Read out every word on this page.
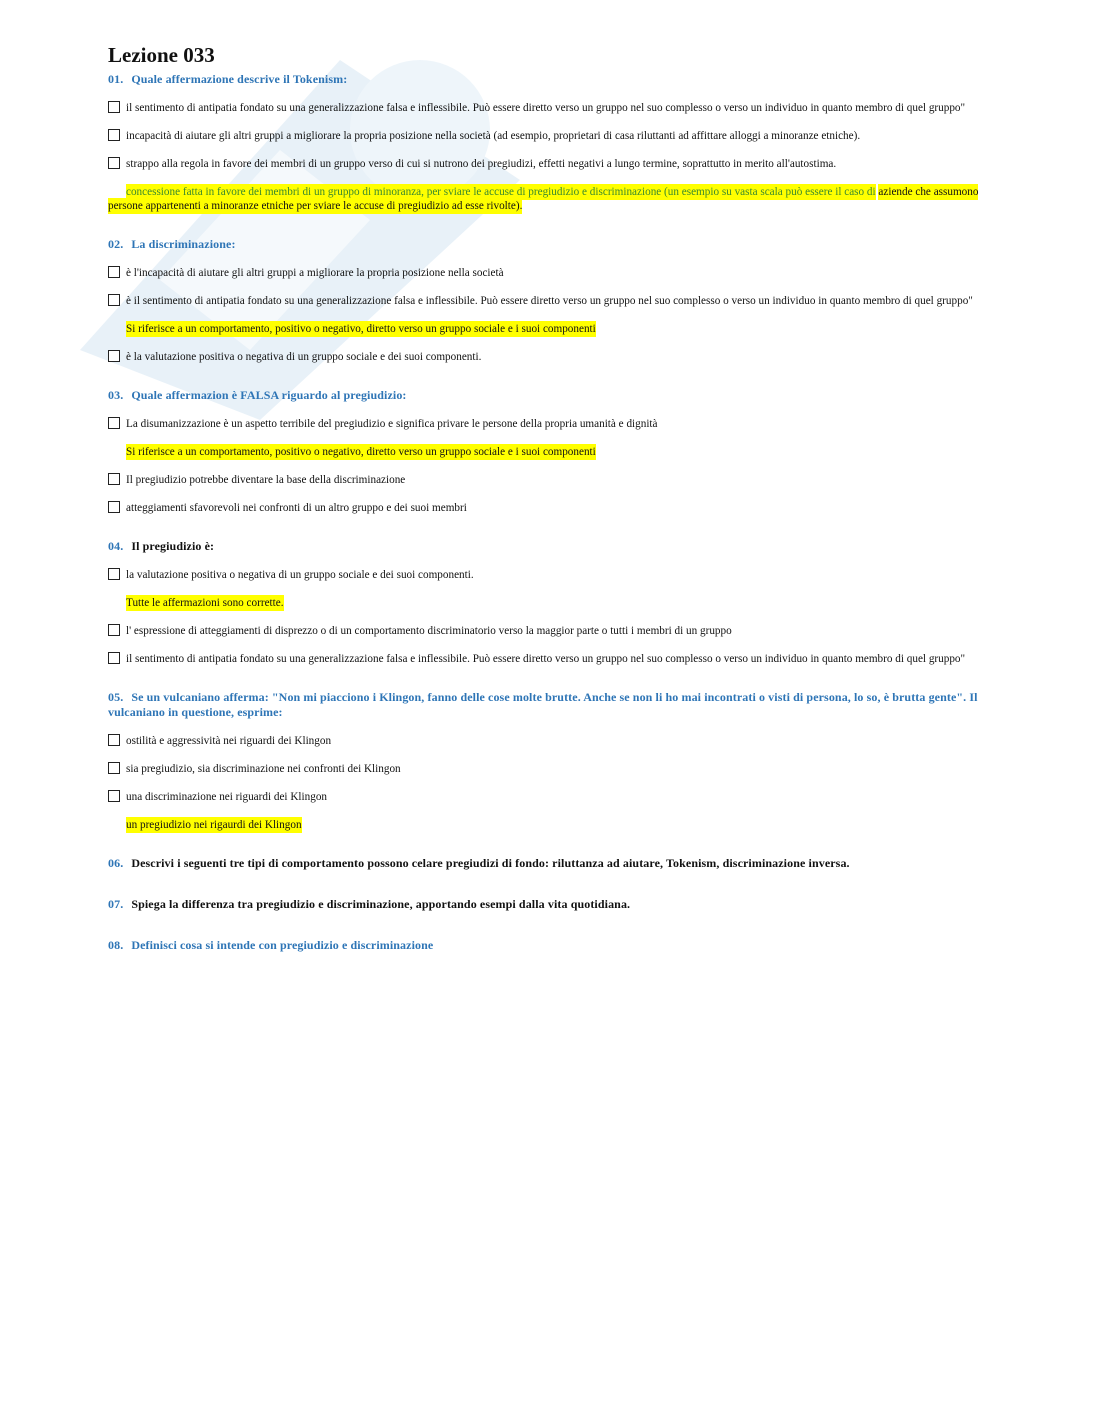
Lezione 033
01. Quale affermazione descrive il Tokenism:
il sentimento di antipatia fondato su una generalizzazione falsa e inflessibile. Può essere diretto verso un gruppo nel suo complesso o verso un individuo in quanto membro di quel gruppo"
incapacità di aiutare gli altri gruppi a migliorare la propria posizione nella società (ad esempio, proprietari di casa riluttanti ad affittare alloggi a minoranze etniche).
strappo alla regola in favore dei membri di un gruppo verso di cui si nutrono dei pregiudizi, effetti negativi a lungo termine, soprattutto in merito all'autostima.
concessione fatta in favore dei membri di un gruppo di minoranza, per sviare le accuse di pregiudizio e discriminazione (un esempio su vasta scala può essere il caso di aziende che assumono persone appartenenti a minoranze etniche per sviare le accuse di pregiudizio ad esse rivolte).
02. La discriminazione:
è l'incapacità di aiutare gli altri gruppi a migliorare la propria posizione nella società
è il sentimento di antipatia fondato su una generalizzazione falsa e inflessibile. Può essere diretto verso un gruppo nel suo complesso o verso un individuo in quanto membro di quel gruppo"
Si riferisce a un comportamento, positivo o negativo, diretto verso un gruppo sociale e i suoi componenti
è la valutazione positiva o negativa di un gruppo sociale e dei suoi componenti.
03. Quale affermazion è FALSA riguardo al pregiudizio:
La disumanizzazione è un aspetto terribile del pregiudizio e significa privare le persone della propria umanità e dignità
Si riferisce a un comportamento, positivo o negativo, diretto verso un gruppo sociale e i suoi componenti
Il pregiudizio potrebbe diventare la base della discriminazione
atteggiamenti sfavorevoli nei confronti di un altro gruppo e dei suoi membri
04. Il pregiudizio è:
la valutazione positiva o negativa di un gruppo sociale e dei suoi componenti.
Tutte le affermazioni sono corrette.
l' espressione di atteggiamenti di disprezzo o di un comportamento discriminatorio verso la maggior parte o tutti i membri di un gruppo
il sentimento di antipatia fondato su una generalizzazione falsa e inflessibile. Può essere diretto verso un gruppo nel suo complesso o verso un individuo in quanto membro di quel gruppo"
05. Se un vulcaniano afferma: "Non mi piacciono i Klingon, fanno delle cose molte brutte. Anche se non li ho mai incontrati o visti di persona, lo so, è brutta gente". Il vulcaniano in questione, esprime:
ostilità e aggressività nei riguardi dei Klingon
sia pregiudizio, sia discriminazione nei confronti dei Klingon
una discriminazione nei riguardi dei Klingon
un pregiudizio nei rigaurdi dei Klingon
06. Descrivi i seguenti tre tipi di comportamento possono celare pregiudizi di fondo: riluttanza ad aiutare, Tokenism, discriminazione inversa.
07. Spiega la differenza tra pregiudizio e discriminazione, apportando esempi dalla vita quotidiana.
08. Definisci cosa si intende con pregiudizio e discriminazione
